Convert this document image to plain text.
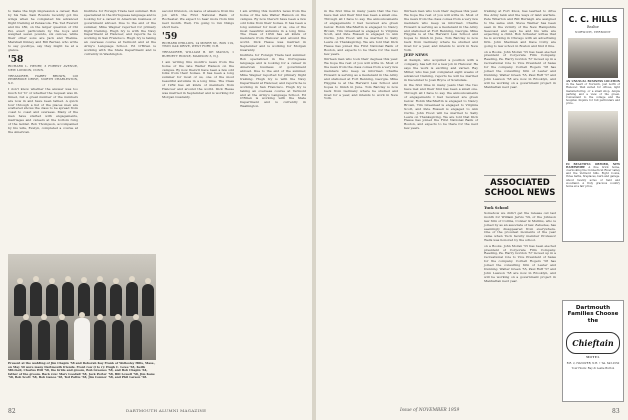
to make the high impression a career, Ben by his Yale. Sam Rounds recently got his wings when he completed his advanced flight training at Pensacola. Fla. Ted Everett and his 180, on the larger question of Chi Psi, exact particulars by the boys and weighed seven pounds, six ounces, while their other sons are Jack and Thelma. Marshall Kinney and Bill Bernal, who write to say goodbye, say they might be at a glance.

'58
RICHARD L. HENRY, 3 FOREST AVENUE, NEW LONDON, CONN.
TREASURER, HARRY BROWN, 128 PEMBROKE DRIVE, NORTH CHARLESTON, S.C.

I don't know whether the answer was too much for 'D' or whether the request was ill-timed, but a great number of the numbers are now in and have been tallied. A quick tour through a list of the places men are scattered shows the class to be spread from coast to coast and overseas. Many of the men have started with engagements, marriages and careers at the bottom rung of the ladder. Bob Thompson, accompanied by his wife, Evelyn, completed a course at the American.

Institute for Foreign Trade last summer. Bob specialized in the Portuguese language and is looking for a career in American business or government abroad. Due to the end of the summer, Mike Wagner reported for primary flight training. Hugh Ivy is with the Navy Department at Hanover, and reports he is working in San Francisco. Hugh Ivy is taking an overseas course at Vermont and at the Army's Language School. Ed O'Brien is working with the State Department and is currently in Washington.

second Division, on leave of absence from his job with the First National Bank of Rochester. We expect to hear more from him next month. Well, I'm going to run things short here.

'59
RICHARD PHILLIPS, 14 MINER ST., BOX 119, TWIN OAK DRIVE, WEST FORT, N.H.
TREASURER, WILLIAM B. DE MANUS, 1 BURNETT HOUSE, MADISON 3, N.J.

I am writing this month's news from the home of the late Walter Hanson on the campus. By now there'll have been a few odd folks from their homes. It has been a long summer for most of us, one of the most beautiful autumns in a long time. The Class of 1959 has all kinds of members from Hanover and around the world. Dick Hesse was married in September and is working for Morgan Guaranty.

I am writing this month's news from the home of the late Walter Hanson on the campus. By now there'll have been a few odd folks from their homes. It has been a long summer for most of us, one of the most beautiful autumns in a long time. The Class of 1959 has all kinds of members from Hanover and around the world. Dick Hesse was married in September and is working for Morgan Guaranty.

Institute for Foreign Trade last summer. Bob specialized in the Portuguese language and is looking for a career in American business or government abroad. Due to the end of the summer, Mike Wagner reported for primary flight training. Hugh Ivy is with the Navy Department at Hanover, and reports he is working in San Francisco. Hugh Ivy is taking an overseas course at Vermont and at the Army's Language School. Ed O'Brien is working with the State Department and is currently in Washington.

Present at the wedding of Jim Chapin '58 and Deborah Kay Frank of Wellesley Hills, Mass., on May 30 were many Dartmouth friends. Front row (l to r): Hugh C. Lowe '58, Keith Mitchell, Charles Hill '58, the bride and groom, Bob Greenes '58, and Bob Chapin '64, father of the groom. Back row: Marv Goodall '58, Jack Porter '58, Bill Lowell '58, Jim Kane '58, Bob Scott '58, Bob Ganoe '58, Ted Pattie '58, Jim Connor '58, and Phil Larson '58.
82	DARTMOUTH ALUMNI MAGAZINE

in the first time in many years that the two have met and their first has been a small one. Through all I have to say, the announcements of engagements I had received are given below: Robin MacMartin is engaged to Nancy Brown, Tim Greenleaf is engaged to Virginia Scott, and Pete Russell is engaged to Ann Curtis. John Hood will be married to Sally Lewis on Thanksgiving. We are told that Dick Hesse has joined the First National Bank of Boston, and expects to be there for the next few years.

thirteen men who took their degrees this year. We hope the rest of you will write in. Most of the news from the class comes from a very few members who keep us informed. Charlie Howard is serving as a lieutenant in the Army and stationed at Fort Benning, Georgia. Mike Higgins is at the Harvard Law School and hopes to finish in June. Tom Barclay is now back from Germany where he studied and lived for a year, and intends to work in New York.

thirteen men who took their degrees this year. We hope the rest of you will write in. Most of the news from the class comes from a very few members who keep us informed. Charlie Howard is serving as a lieutenant in the Army and stationed at Fort Benning, Georgia. Mike Higgins is at the Harvard Law School and hopes to finish in June. Tom Barclay is now back from Germany where he studied and lived for a year, and intends to work in New York.

JEEP NEWS

Al Kemph, who acquired a position with a company, has left for a new job in Hanover. He says the work is exciting and varied. Ray Miller, who has just completed eight weeks of advanced training, reports he will be married in December to Joan Bryce of Scarsdale.

in the first time in many years that the two have met and their first has been a small one. Through all I have to say, the announcements of engagements I had received are given below: Robin MacMartin is engaged to Nancy Brown, Tim Greenleaf is engaged to Virginia Scott, and Pete Russell is engaged to Ann Curtis. John Hood will be married to Sally Lewis on Thanksgiving. We are told that Dick Hesse has joined the First National Bank of Boston, and expects to be there for the next few years.

training at Fort Knox, has learned to drive the Army tank and the ways of land warfare. Pete Wharton and Bill Burleigh are assigned to the same unit. Steve Warner has been seen in the vicinity of the New Hampshire Seacoast and says he and his wife are expecting a child. Bob Schuster writes that he is working in Chicago with an advertising firm. John Sherman and Dave Colby are going to law school in Boston and find it fine.

on a Books. John Moran '55 has been elected president of Corporate Film Company. Reading, Pa. Harry Gordon '57 moved up in a recreational role to Vice President of Sales for the company. Cornell Rogers '58 has joined the consulting firm of Lester and Dunning. Walter Green '55, Paul Ruff '57 and John Lawson '58 are now in Brooklyn, and will be working on a government project in Manhattan next year.

ASSOCIATED SCHOOL NEWS
Tuck School

Somehow we didn't get the release out last month for William Jarvis '59, of the Johnson law firm of Collins, Conner & Mullins, who is joined by as an associate of law. Zebedee, has seemingly disappeared from everywhere. One of the proudest moments of the year came when Tuck faculty member Professor Wells was honored by the school.

on a Books. John Moran '55 has been elected president of Corporate Film Company. Reading, Pa. Harry Gordon '57 moved up in a recreational role to Vice President of Sales for the company. Cornell Rogers '58 has joined the consulting firm of Lester and Dunning. Walter Green '55, Paul Ruff '57 and John Lawson '58 are now in Brooklyn, and will be working on a government project in Manhattan next year.

C. C. HILLS
Realtor
NORWICH, VERMONT
AN UNUSUAL BUSINESS LOCATION in the heart of Norwich, just north of Hanover. Well suited for offices, light manufacturing, or a small shop. Ample parking and a view of the green. Convenient to the college and the hospital. Inquire for full particulars and price.
IN BEAUTIFUL ORFORD, NEW HAMPSHIRE A fine brick home, overlooking the Connecticut River valley and the Vermont hills. Eight rooms, three baths, fireplaces, barn and garage. About twenty acres of field and woodland. A truly gracious country home at a fair price.
Dartmouth Families Choose the
Chieftain
MOTEL
R.R. 2, HANOVER, N.H. • Tel. 643-2550
Your Hosts: Ray & Leslie Burton
Issue of NOVEMBER 1959	83
